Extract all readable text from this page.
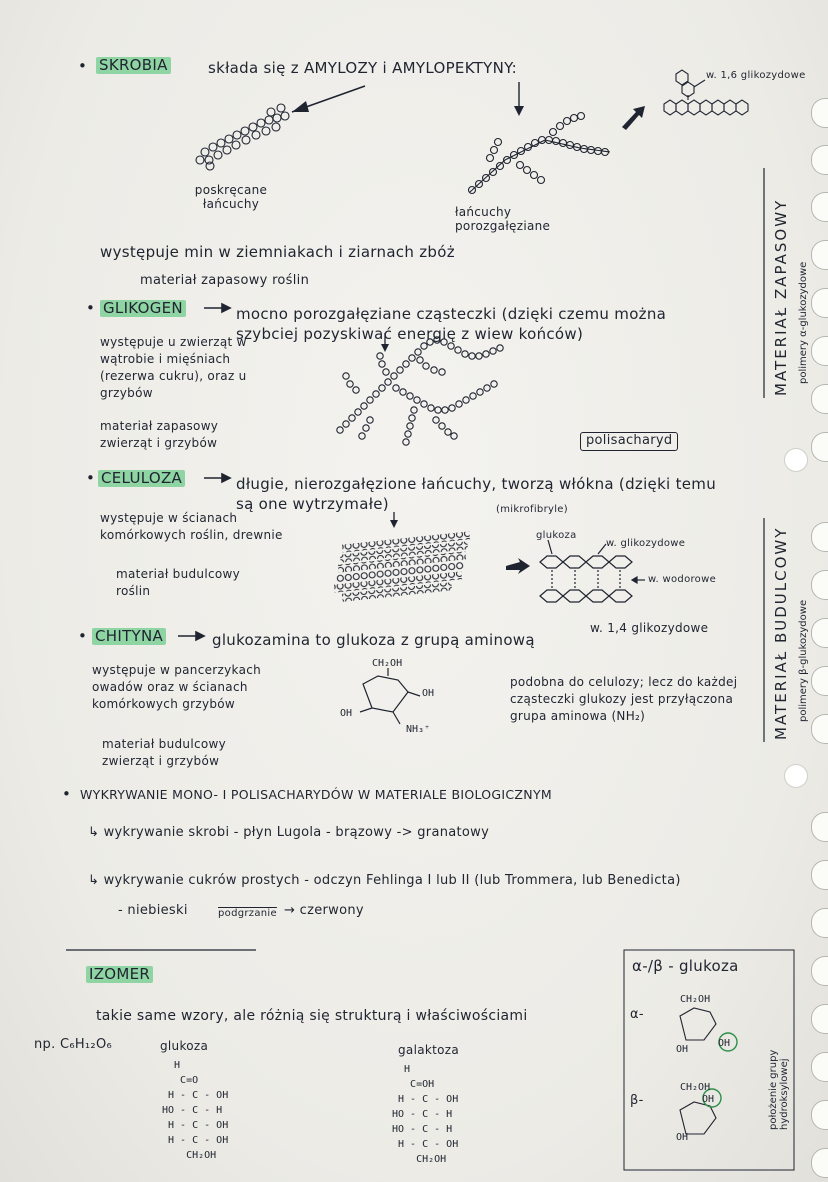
• SKROBIA	składa się z AMYLOZY i AMYLOPEKTYNY:	w. 1,6 glikozydowe
poskręcane łańcuchy
łańcuchy porozgałęziane
występuje min w ziemniakach i ziarnach zbóż
materiał zapasowy roślin
• GLIKOGEN	mocno porozgałęziane cząsteczki (dzięki czemu można szybciej pozyskiwać energię z wiew końców)
występuje u zwierząt w wątrobie i mięśniach (rezerwa cukru), oraz u grzybów
materiał zapasowy zwierząt i grzybów	polisacharyd
• CELULOZA	długie, nierozgałęzione łańcuchy, tworzą włókna (dzięki temu są one wytrzymałe)	(mikrofibryle)
występuje w ścianach komórkowych roślin, drewnie
materiał budulcowy roślin
glukoza
w. glikozydowe
w. wodorowe
w. 1,4 glikozydowe
• CHITYNA	glukozamina to glukoza z grupą aminową
występuje w pancerzykach owadów oraz w ścianach komórkowych grzybów
materiał budulcowy zwierząt i grzybów
podobna do celulozy; lecz do każdej cząsteczki glukozy jest przyłączona grupa aminowa (NH₂)
CH₂OH
OH
OH
NH₃⁺
MATERIAŁ ZAPASOWY polimery α-glukozydowe
MATERIAŁ BUDULCOWY polimery β-glukozydowe
• WYKRYWANIE MONO- I POLISACHARYDÓW W MATERIALE BIOLOGICZNYM
↳ wykrywanie skrobi - płyn Lugola - brązowy -> granatowy
↳ wykrywanie cukrów prostych - odczyn Fehlinga I lub II (lub Trommera, lub Benedicta)
- niebieski	podgrzanie → czerwony
IZOMER
takie same wzory, ale różnią się strukturą i właściwościami
np. C₆H₁₂O₆	glukoza	galaktoza
H
C=O
H - C - OH
HO - C - H
H - C - OH
H - C - OH
CH₂OH
H
C=OH
H - C - OH
HO - C - H
HO - C - H
H - C - OH
CH₂OH
α-/β - glukoza
α-
β-
CH₂OH
OH
OH
CH₂OH
OH
OH
położenie grupy hydroksylowej
